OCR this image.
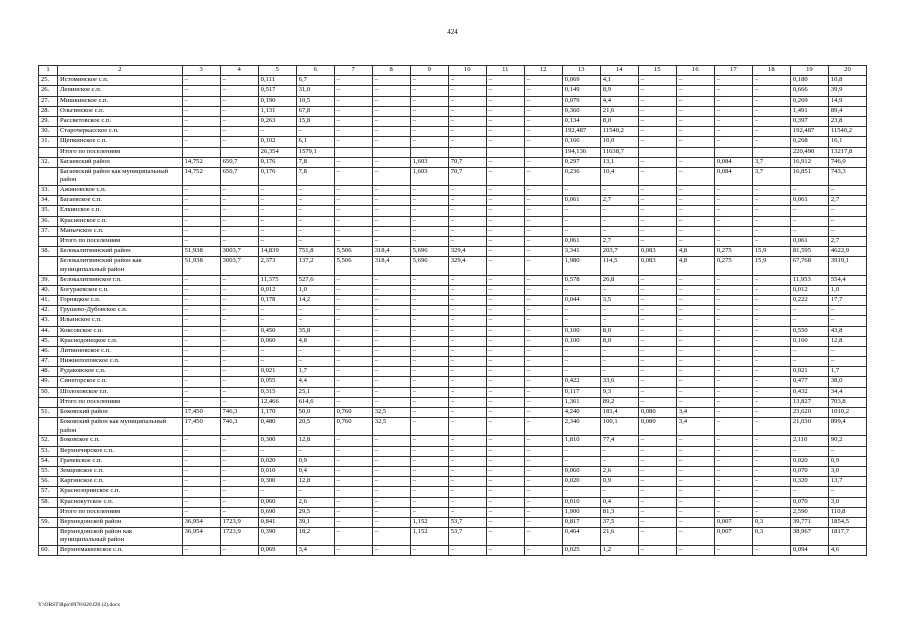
424
1	2	3	4	5	6	7	8	9	10	11	12	13	14	15	16	17	18	19	20
25.	Истоминское с.п.	–	–	0,111	6,7	–	–	–	–	–	–	0,069	4,1	–	–	–	–	0,180	10,8
26.	Ленинское с.п.	–	–	0,517	31,0	–	–	–	–	–	–	0,149	8,9	–	–	–	–	0,666	39,9
27.	Мишкинское с.п.	–	–	0,190	10,5	–	–	–	–	–	–	0,079	4,4	–	–	–	–	0,269	14,9
28.	Ольгинское с.п.	–	–	1,131	67,8	–	–	–	–	–	–	0,360	21,6	–	–	–	–	1,491	89,4
29.	Рассветовское с.п.	–	–	0,263	15,8	–	–	–	–	–	–	0,134	8,0	–	–	–	–	0,397	23,8
30.	Старочеркасское с.п.	–	–	–	–	–	–	–	–	–	–	192,487	11540,2	–	–	–	–	192,487	11540,2
31.	Щепкинское с.п.	–	–	0,102	6,1	–	–	–	–	–	–	0,166	10,0	–	–	–	–	0,268	16,1
	Итого по поселениям			26,354	1579,1							194,136	11638,7					220,490	13217,8
32.	Багаевский район	14,752	650,7	0,176	7,8	–	–	1,603	70,7	–	–	0,297	13,1	–	–	0,084	3,7	16,912	746,0
	Багаевский район как муниципальный район	14,752	650,7	0,176	7,8	–	–	1,603	70,7	–	–	0,236	10,4	–	–	0,084	3,7	16,851	743,3
33.	Ажиновское с.п.	–	–	–	–	–	–	–	–	–	–	–	–	–	–	–	–	–	–
34.	Багаевское с.п.	–	–	–	–	–	–	–	–	–	–	0,061	2,7	–	–	–	–	0,061	2,7
35.	Елкинское с.п.	–	–	–	–	–	–	–	–	–	–	–	–	–	–	–	–	–	–
36.	Красненское с.п.	–	–	–	–	–	–	–	–	–	–	–	–	–	–	–	–	–	–
37.	Манычское с.п.	–	–	–	–	–	–	–	–	–	–	–	–	–	–	–	–	–	–
	Итого по поселениям	–	–	–	–	–	–	–	–	–	–	0,061	2,7	–	–	–	–	0,061	2,7
38.	Белокалитвинский район	51,938	3003,7	14,839	751,8	5,506	318,4	5,696	329,4	–	–	3,341	203,7	0,083	4,8	0,275	15,9	81,595	4622,9
	Белокалитвинский район как муниципальный район	51,938	3003,7	2,373	137,2	5,506	318,4	5,696	329,4	–	–	1,980	114,5	0,083	4,8	0,275	15,9	67,768	3919,1
39.	Белокалитвинское г.п.	–	–	11,375	527,6	–	–	–	–	–	–	0,578	26,8	–	–	–	–	11,953	554,4
40.	Богураевское с.п.	–	–	0,012	1,0	–	–	–	–	–	–	–	–	–	–	–	–	0,012	1,0
41.	Горняцкое с.п.	–	–	0,178	14,2	–	–	–	–	–	–	0,044	3,5	–	–	–	–	0,222	17,7
42.	Грушево-Дубовское с.п.	–	–	–	–	–	–	–	–	–	–	–	–	–	–	–	–	–	–
43.	Ильинское с.п.	–	–	–	–	–	–	–	–	–	–	–	–	–	–	–	–	–	–
44.	Коксовское с.п.	–	–	0,450	35,8	–	–	–	–	–	–	0,100	8,0	–	–	–	–	0,550	43,8
45.	Краснодонецкое с.п.	–	–	0,060	4,8	–	–	–	–	–	–	0,100	8,0	–	–	–	–	0,160	12,8
46.	Литвиновское с.п.	–	–	–	–	–	–	–	–	–	–	–	–	–	–	–	–	–	–
47.	Нижнепоповское с.п.	–	–	–	–	–	–	–	–	–	–	–	–	–	–	–	–	–	–
48.	Рудаковское с.п.	–	–	0,021	1,7	–	–	–	–	–	–	–	–	–	–	–	–	0,021	1,7
49.	Синегорское с.п.	–	–	0,055	4,4	–	–	–	–	–	–	0,422	33,6	–	–	–	–	0,477	38,0
50.	Шолоховское г.п.	–	–	0,315	25,1	–	–	–	–	–	–	0,117	9,3	–	–	–	–	0,432	34,4
	Итого по поселениям	–	–	12,466	614,6	–	–	–	–	–	–	1,361	89,2	–	–	–	–	13,827	703,8
51.	Боковский район	17,450	746,3	1,170	50,0	0,760	32,5	–	–	–	–	4,240	181,4	0,080	3,4	–	–	23,620	1010,2
	Боковский район как муниципальный район	17,450	746,3	0,480	20,5	0,760	32,5	–	–	–	–	2,340	100,1	0,080	3,4	–	–	21,030	899,4
52.	Боковское с.п.	–	–	0,300	12,8	–	–	–	–	–	–	1,810	77,4	–	–	–	–	2,110	90,2
53.	Верхнечирское с.п.	–	–	–	–	–	–	–	–	–	–	–	–	–	–	–	–	–	–
54.	Грачевское с.п.	–	–	0,020	0,9	–	–	–	–	–	–	–	–	–	–	–	–	0,020	0,9
55.	Земцовское с.п.	–	–	0,010	0,4	–	–	–	–	–	–	0,060	2,6	–	–	–	–	0,070	3,0
56.	Каргинское с.п.	–	–	0,300	12,8	–	–	–	–	–	–	0,020	0,9	–	–	–	–	0,320	13,7
57.	Краснозоринское с.п.	–	–	–	–	–	–	–	–	–	–	–	–	–	–	–	–	–	–
58.	Краснокутское с.п.	–	–	0,060	2,6	–	–	–	–	–	–	0,010	0,4	–	–	–	–	0,070	3,0
	Итого по поселениям	–	–	0,690	29,5	–	–	–	–	–	–	1,900	81,3	–	–	–	–	2,590	110,8
59.	Верхнедонской район	36,954	1723,9	0,841	39,1	–	–	1,152	53,7	–	–	0,817	37,5	–	–	0,007	0,3	39,771	1854,5
	Верхнедонской район как муниципальный район	36,954	1723,9	0,390	18,2	–	–	1,152	53,7	–	–	0,464	21,6	–	–	0,007	0,3	38,967	1817,7
60.	Верхнемакеевское с.п.	–	–	0,069	3,4	–	–	–	–	–	–	0,025	1,2	–	–	–	–	0,094	4,6
Y:\ORST\Rpo\0976\020.f20 (2).docx
